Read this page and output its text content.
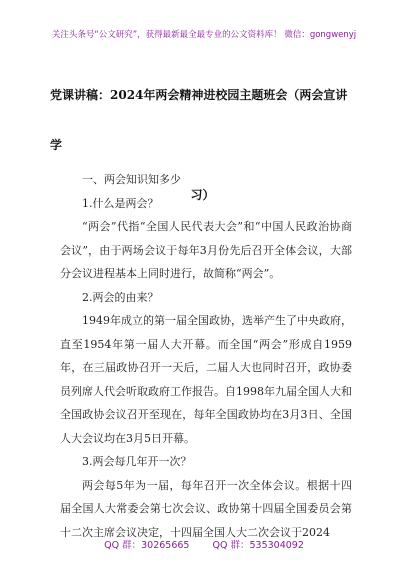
关注头条号“公文研究”，获得最新最全最专业的公文资料库！ 微信：gongwenyj
党课讲稿：2024年两会精神进校园主题班会（两会宣讲学
习）

一、两会知识知多少

1.什么是两会？

“两会”代指“全国人民代表大会”和“中国人民政治协商会议”，由于两场会议于每年3月份先后召开全体会议，大部分会议进程基本上同时进行，故简称“两会”。

2.两会的由来？

1949年成立的第一届全国政协，选举产生了中央政府，直至1954年第一届人大开幕。而全国“两会”形成自1959年，在三届政协召开一天后，二届人大也同时召开，政协委员列席人代会听取政府工作报告。自1998年九届全国人大和全国政协会议召开至现在，每年全国政协均在3月3日、全国人大会议均在3月5日开幕。

3.两会每几年开一次？

两会每5年为一届，每年召开一次全体会议。根据十四届全国人大常委会第七次会议、政协第十四届全国委员会第十二次主席会议决定，十四届全国人大二次会议于2024

QQ 群：30265665 QQ 群：535304092
